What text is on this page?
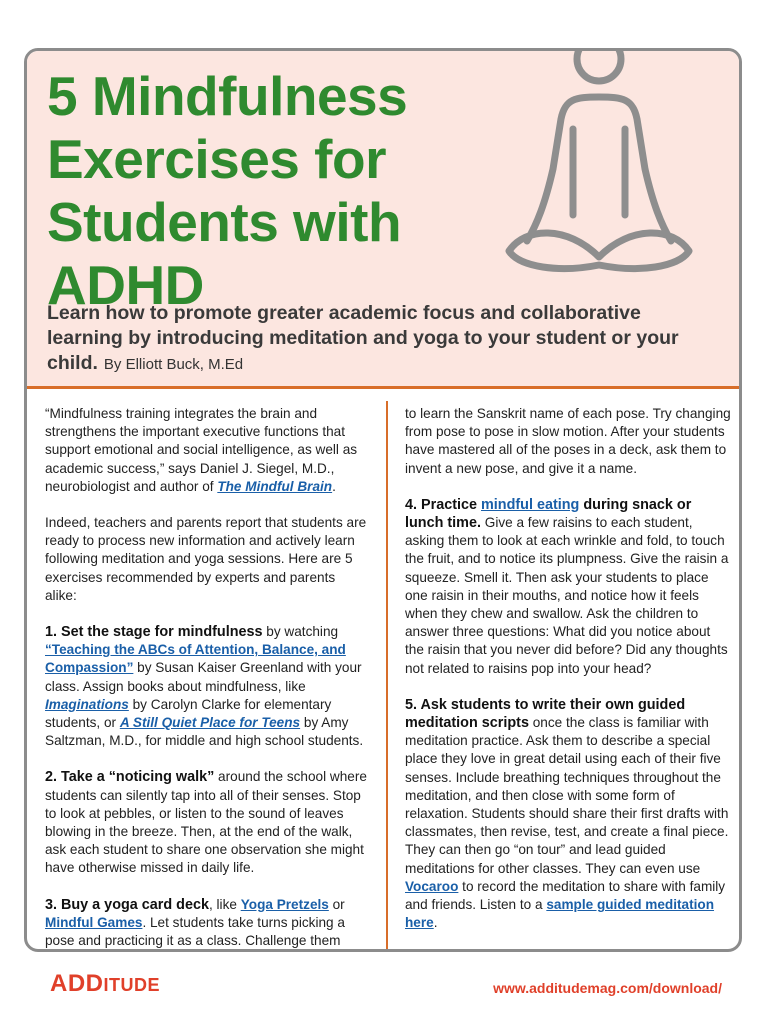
5 Mindfulness Exercises for Students with ADHD

Learn how to promote greater academic focus and collaborative learning by introducing meditation and yoga to your student or your child. By Elliott Buck, M.Ed

“Mindfulness training integrates the brain and strengthens the important executive functions that support emotional and social intelligence, as well as academic success,” says Daniel J. Siegel, M.D., neurobiologist and author of The Mindful Brain.

Indeed, teachers and parents report that students are ready to process new information and actively learn following meditation and yoga sessions. Here are 5 exercises recommended by experts and parents alike:

1. Set the stage for mindfulness by watching “Teaching the ABCs of Attention, Balance, and Compassion” by Susan Kaiser Greenland with your class. Assign books about mindfulness, like Imaginations by Carolyn Clarke for elementary students, or A Still Quiet Place for Teens by Amy Saltzman, M.D., for middle and high school students.

2. Take a “noticing walk” around the school where students can silently tap into all of their senses. Stop to look at pebbles, or listen to the sound of leaves blowing in the breeze. Then, at the end of the walk, ask each student to share one observation she might have otherwise missed in daily life.

3. Buy a yoga card deck, like Yoga Pretzels or Mindful Games. Let students take turns picking a pose and practicing it as a class. Challenge them

to learn the Sanskrit name of each pose. Try changing from pose to pose in slow motion. After your students have mastered all of the poses in a deck, ask them to invent a new pose, and give it a name.

4. Practice mindful eating during snack or lunch time. Give a few raisins to each student, asking them to look at each wrinkle and fold, to touch the fruit, and to notice its plumpness. Give the raisin a squeeze. Smell it. Then ask your students to place one raisin in their mouths, and notice how it feels when they chew and swallow. Ask the children to answer three questions: What did you notice about the raisin that you never did before? Did any thoughts not related to raisins pop into your head?

5. Ask students to write their own guided meditation scripts once the class is familiar with meditation practice. Ask them to describe a special place they love in great detail using each of their five senses. Include breathing techniques throughout the meditation, and then close with some form of relaxation. Students should share their first drafts with classmates, then revise, test, and create a final piece. They can then go “on tour” and lead guided meditations for other classes. They can even use Vocaroo to record the meditation to share with family and friends. Listen to a sample guided meditation here.

ADDITUDE	www.additudemag.com/download/
